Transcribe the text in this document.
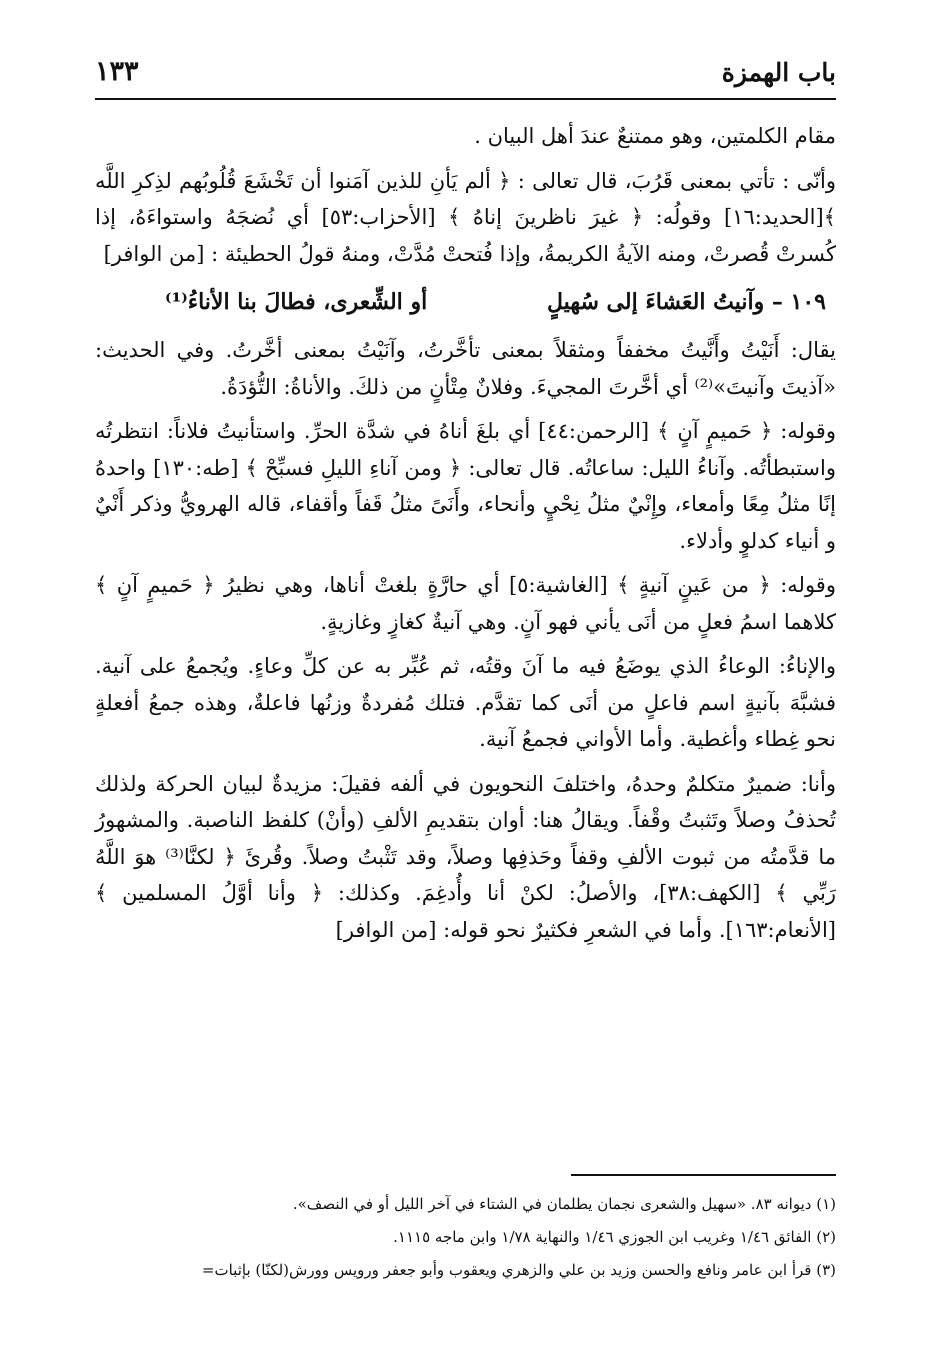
باب الهمزة
١٣٣

مقام الكلمتين، وهو ممتنعٌ عندَ أهل البيان .

وأنّى : تأتي بمعنى قَرُبَ، قال تعالى : ﴿ ألم يَأنِ للذين آمَنوا أن تَخْشَعَ قُلُوبُهم لذِكرِ اللَّه ﴾[الحديد:١٦] وقولُه: ﴿ غيرَ ناظرينَ إناهُ ﴾ [الأحزاب:٥٣] أي نُضجَهُ واستواءَهُ، إذا كُسرتْ قُصرتْ، ومنه الآيةُ الكريمةُ، وإذا فُتحتْ مُدَّتْ، ومنهُ قولُ الحطيئة : [من الوافر]

١٠٩ – وآنيتُ العَشاءَ إلى سُهيلٍ
أو الشِّعرى، فطالَ بنا الأناءُ⁽¹⁾

يقال: أَنَيْتُ وأَنَّيتُ مخففاً ومثقلاً بمعنى تأخَّرتُ، وآنَيْتُ بمعنى أخَّرتُ. وفي الحديث: «آذيتَ وآنيتَ»⁽²⁾ أي أخَّرتَ المجيءَ. وفلانٌ مِتْأنٍ من ذلكَ. والأناةُ: التُّؤدَةُ.

وقوله: ﴿ حَميمٍ آنٍ ﴾ [الرحمن:٤٤] أي بلغَ أناهُ في شدَّة الحرِّ. واستأنيتُ فلاناً: انتظرتُه واستبطأتُه. وآناءُ الليل: ساعاتُه. قال تعالى: ﴿ ومن آناءِ الليلِ فسبِّحْ ﴾ [طه:١٣٠] واحدهُ إنًا مثلُ مِعًا وأمعاء، وإِنْيٌ مثلُ نِحْيٍ وأنحاء، وأَنَىً مثلُ قَفاً وأقفاء، قاله الهرويُّ وذكر أَنْيٌ و أنياء كدلوٍ وأدلاء.

وقوله: ﴿ من عَينٍ آنيةٍ ﴾ [الغاشية:٥] أي حارَّةٍ بلغتْ أناها، وهي نظيرُ ﴿ حَميمٍ آنٍ ﴾ كلاهما اسمُ فعلٍ من أنَى يأني فهو آنٍ. وهي آنيةٌ كغازٍ وغازيةٍ.

والإناءُ: الوعاءُ الذي يوضَعُ فيه ما آنَ وقتُه، ثم عُبِّر به عن كلِّ وعاءٍ. ويُجمعُ على آنية. فشبَّهَ بآنيةٍ اسم فاعلٍ من أنَى كما تقدَّم. فتلك مُفردةٌ وزنُها فاعلةٌ، وهذه جمعُ أفعلةٍ نحو غِطاء وأغطية. وأما الأواني فجمعُ آنية.

وأنا: ضميرٌ متكلمٌ وحدهُ، واختلفَ النحويون في ألفه فقيلَ: مزيدةٌ لبيان الحركة ولذلك تُحذفُ وصلاً وتَثبتُ وقْفاً. ويقالُ هنا: أوان بتقديمِ الألفِ (وأنْ) كلفظ الناصبة. والمشهورُ ما قدَّمتُه من ثبوت الألفِ وقفاً وحَذفِها وصلاً، وقد تَثْبتُ وصلاً. وقُرئَ ﴿ لكنَّا⁽³⁾ هوَ اللَّهُ رَبِّي ﴾ [الكهف:٣٨]، والأصلُ: لكنْ أنا وأُدغِمَ. وكذلك: ﴿ وأنا أوَّلُ المسلمين ﴾ [الأنعام:١٦٣]. وأما في الشعرِ فكثيرٌ نحو قوله: [من الوافر]

(١) ديوانه ٨٣. «سهيل والشعرى نجمان يطلمان في الشتاء في آخر الليل أو في النصف».
(٢) الفائق ١/٤٦ وغريب ابن الجوزي ١/٤٦ والنهاية ١/٧٨ وابن ماجه ١١١٥.
(٣) قرأ ابن عامر ونافع والحسن وزيد بن علي والزهري ويعقوب وأبو جعفر ورويس وورش(لكنّا) بإثبات=
